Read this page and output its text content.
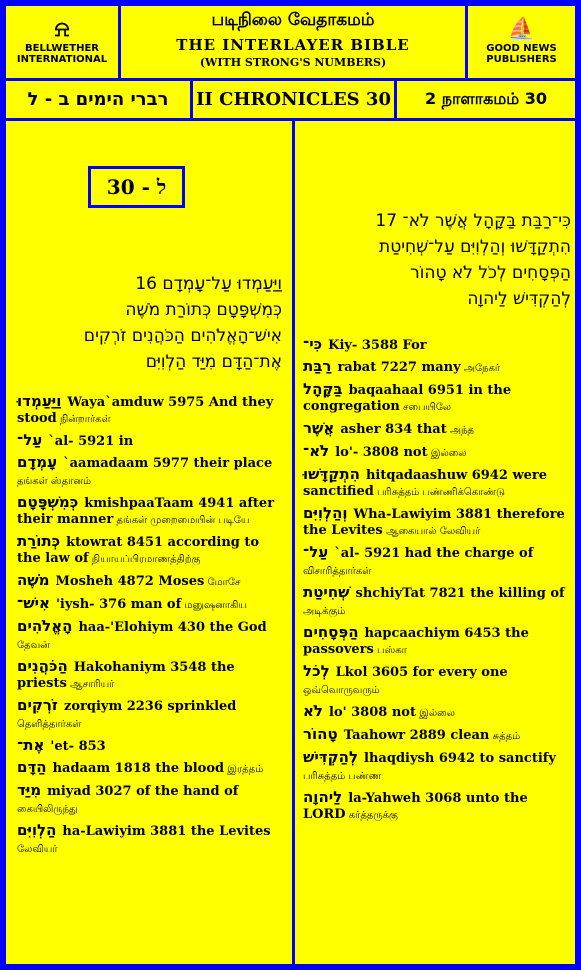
⍾
BELLWETHER INTERNATIONAL
படிநிலை வேதாகமம்
THE INTERLAYER BIBLE
(WITH STRONG'S NUMBERS)
⛵
GOOD NEWS PUBLISHERS
רברי הימים ב - ל	II CHRONICLES 30	2 நாளாகமம் 30
ל - 30
16 וַיַּעַמְדוּ עַל־עָמְדָם
כְּמִשְׁפָּטָם כְּתוֹרַת מֹשֶׁה
אִישׁ־הָאֱלֹהִים הַכֹּהֲנִים זֹרְקִים
אֶת־הַדָּם מִיַּד הַלְוִיִּם
17 כִּי־רַבַּת בַּקָּהָל אֲשֶׁר לֹא־
הִתְקַדָּשׁוּ וְהַלְוִיִּם עַל־שְׁחִיטַת
הַפְּסָחִים לְכֹל לֹא טָהוֹר
לְהַקְדִּישׁ לַיהוָה
וַיַּעַמְדוּ Waya`amduw 5975 And they stood நின்றார்கள்
עַל־ `al- 5921 in
עָמְדָם `aamadaam 5977 their place தங்கள் ஸ்தானம்
כְּמִשְׁפָּטָם kmishpaaTaam 4941 after their manner தங்கள் முறைமையின் படியே
כְּתוֹרַת ktowrat 8451 according to the law of நியாயப்பிரமாணத்திற்கு
מֹשֶׁה Mosheh 4872 Moses மோசே
אִישׁ־ 'iysh- 376 man of மனுஷனாகிய
הָאֱלֹהִים haa-'Elohiym 430 the God தேவன்
הַכֹּהֲנִים Hakohaniym 3548 the priests ஆசாரியர்
זֹרְקִים zorqiym 2236 sprinkled தெளித்தார்கள்
אֶת־ 'et- 853
הַדָּם hadaam 1818 the blood இரத்தம்
מִיַּד miyad 3027 of the hand of கையிலிருந்து
הַלְוִיִּם ha-Lawiyim 3881 the Levites லேவியர்
כִּי־ Kiy- 3588 For
רַבַּת rabat 7227 many அநேகர்
בַּקָּהָל baqaahaal 6951 in the congregation சபையிலே
אֲשֶׁר asher 834 that அந்த
לֹא־ lo'- 3808 not இல்லை
הִתְקַדָּשׁוּ hitqadaashuw 6942 were sanctified பரிசுத்தம் பண்ணிக்கொண்டு
וְהַלְוִיִּם Wha-Lawiyim 3881 therefore the Levites ஆகையால் லேவியர்
עַל־ `al- 5921 had the charge of விசாரித்தார்கள்
שְׁחִיטַת shchiyTat 7821 the killing of அடிக்கும்
הַפְּסָחִים hapcaachiym 6453 the passovers பஸ்கா
לְכֹל Lkol 3605 for every one ஒவ்வொருவரும்
לֹא lo' 3808 not இல்லை
טָהוֹר Taahowr 2889 clean சுத்தம்
לְהַקְדִּישׁ lhaqdiysh 6942 to sanctify பரிசுத்தம் பண்ண
לַיהוָה la-Yahweh 3068 unto the LORD கர்த்தருக்கு
